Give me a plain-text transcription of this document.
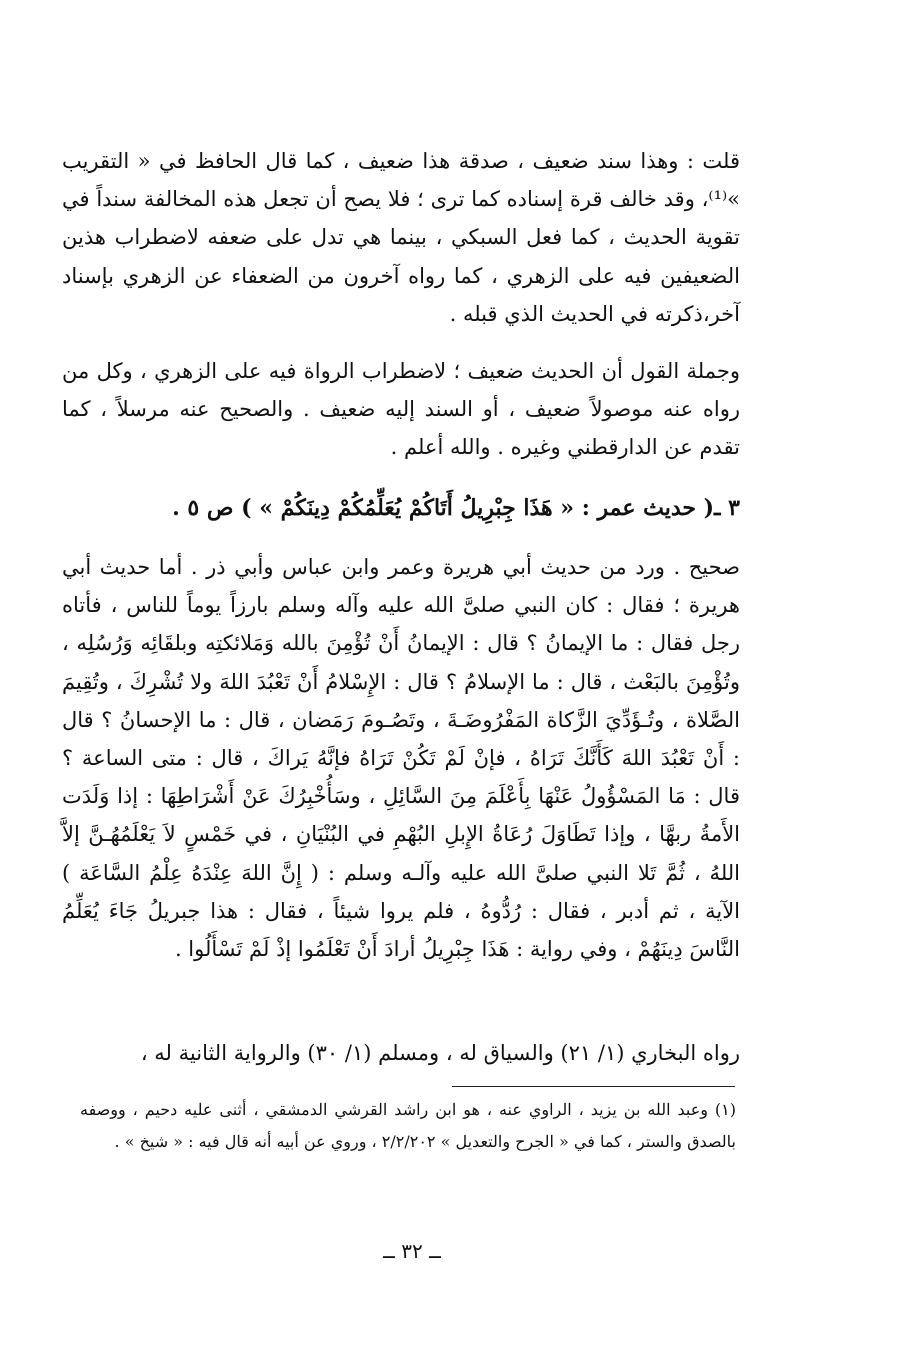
قلت : وهذا سند ضعيف ، صدقة هذا ضعيف ، كما قال الحافظ في « التقريب »⁽¹⁾، وقد خالف قرة إسناده كما ترى ؛ فلا يصح أن تجعل هذه المخالفة سنداً في تقوية الحديث ، كما فعل السبكي ، بينما هي تدل على ضعفه لاضطراب هذين الضعيفين فيه على الزهري ، كما رواه آخرون من الضعفاء عن الزهري بإسناد آخر،ذكرته في الحديث الذي قبله .

وجملة القول أن الحديث ضعيف ؛ لاضطراب الرواة فيه على الزهري ، وكل من رواه عنه موصولاً ضعيف ، أو السند إليه ضعيف . والصحيح عنه مرسلاً ، كما تقدم عن الدارقطني وغيره . والله أعلم .

٣ ـ( حديث عمر : « هَذَا جِبْرِيلُ أَتَاكُمْ يُعَلِّمُكُمْ دِينَكُمْ » ) ص ٥ .

صحيح . ورد من حديث أبي هريرة وعمر وابن عباس وأبي ذر . أما حديث أبي هريرة ؛ فقال : كان النبي صلىَّ الله عليه وآله وسلم بارزاً يوماً للناس ، فأتاه رجل فقال : ما الإيمانُ ؟ قال : الإيمانُ أَنْ تُؤْمِنَ بالله وَمَلائكتِه وبلقَائِه وَرُسُلِه ، وتُؤْمِنَ بالبَعْث ، قال : ما الإسلامُ ؟ قال : الإِسْلامُ أَنْ تَعْبُدَ اللهَ ولا تُشْرِكَ ، وتُقِيمَ الصَّلاة ، وتُـؤَدِّيَ الزَّكاة المَفْرُوضَـةَ ، وتَصُـومَ رَمَضان ، قال : ما الإحسانُ ؟ قال : أَنْ تَعْبُدَ اللهَ كَأَنَّكَ تَرَاهُ ، فإنْ لَمْ تَكُنْ تَرَاهُ فإنَّهُ يَراكَ ، قال : متى الساعة ؟ قال : مَا المَسْؤُولُ عَنْهَا بِأَعْلَمَ مِنَ السَّائِلِ ، وسَأُخْبِرُكَ عَنْ أَشْرَاطِهَا : إذا وَلَدَت الأَمةُ ربهَّا ، وإذا تَطَاوَلَ رُعَاةُ الإِبلِ البُهْمِ في البُنْيَانِ ، في خَمْسٍ لاَ يَعْلَمُهُـنَّ إلاَّ اللهُ ، ثُمَّ تَلا النبي صلىَّ الله عليه وآلـه وسلم : ( إِنَّ اللهَ عِنْدَهُ عِلْمُ السَّاعَة ) الآية ، ثم أدبر ، فقال : رُدُّوهُ ، فلم يروا شيئاً ، فقال : هذا جبريلُ جَاءَ يُعَلِّمُ النَّاسَ دِينَهُمْ ، وفي رواية : هَذَا جِبْرِيلُ أرادَ أَنْ تَعْلَمُوا إذْ لَمْ تَسْأَلُوا .

رواه البخاري (١/ ٢١) والسياق له ، ومسلم (١/ ٣٠) والرواية الثانية له ،

(١) وعبد الله بن يزيد ، الراوي عنه ، هو ابن راشد القرشي الدمشقي ، أثنى عليه دحيم ، ووصفه بالصدق والستر ، كما في « الجرح والتعديل » ٢/٢/٢٠٢ ، وروي عن أبيه أنه قال فيه : « شيخ » .

ــ ٣٢ ــ
